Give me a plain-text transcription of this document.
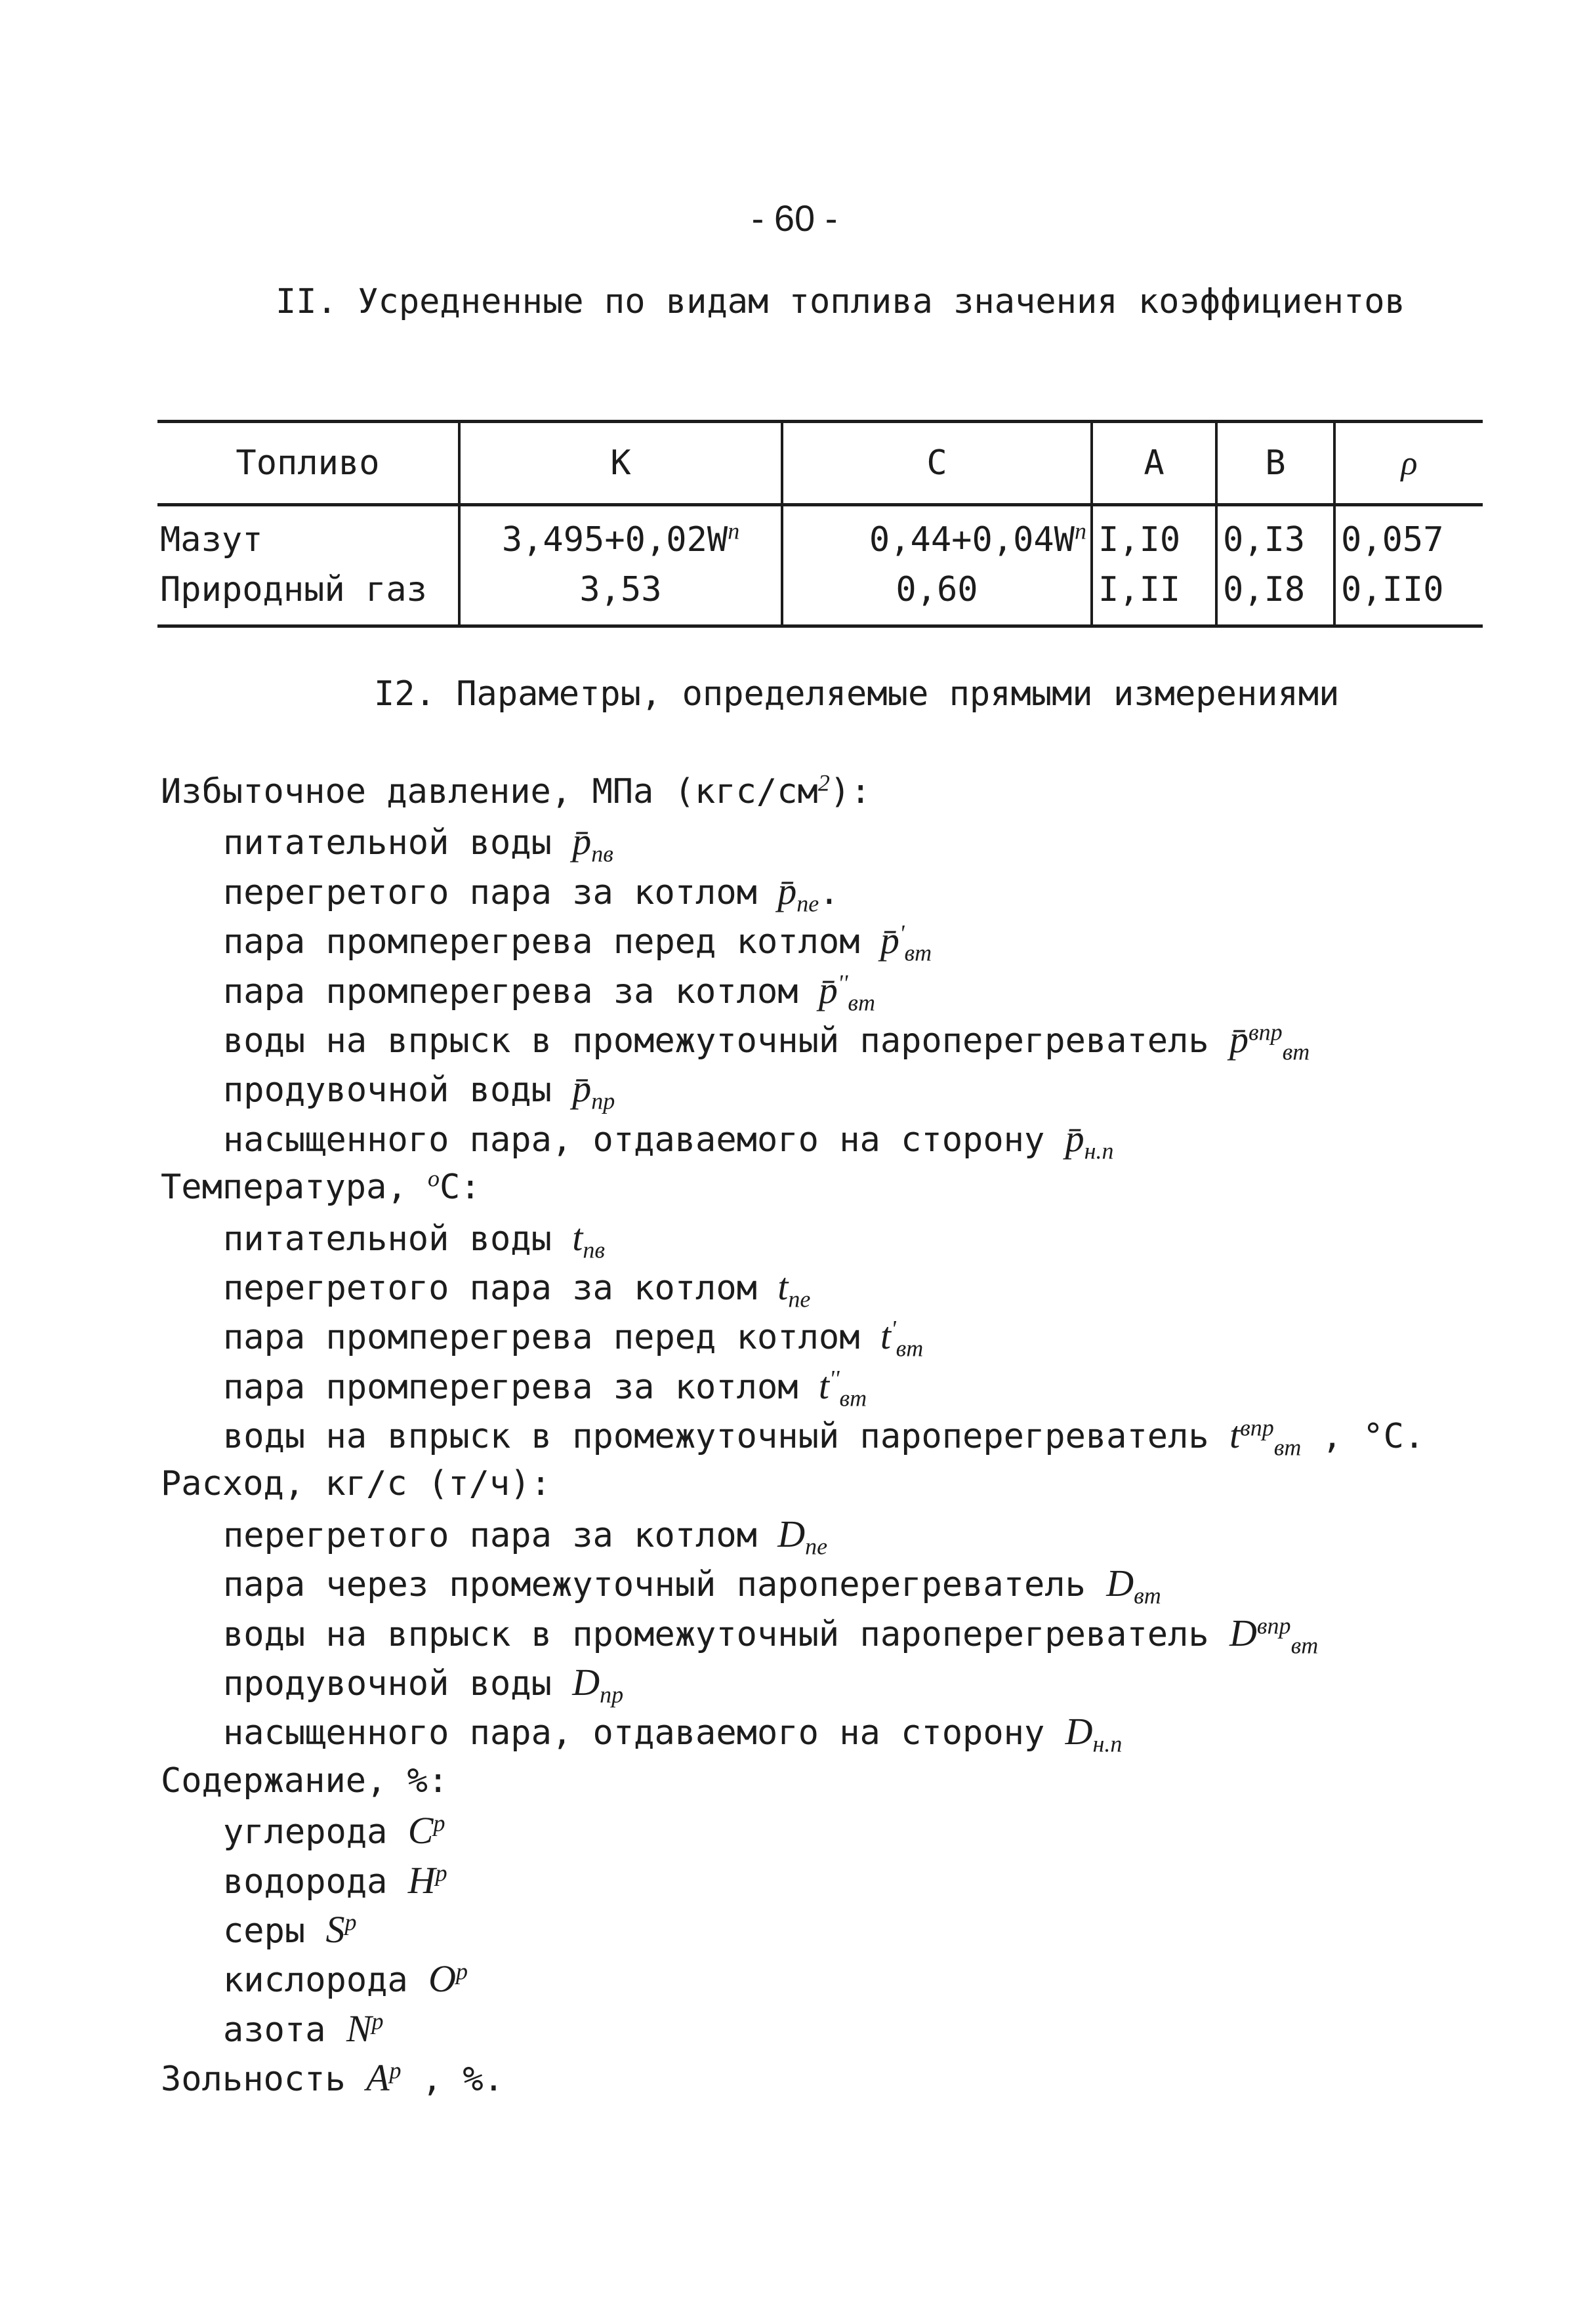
- 60 -
II. Усредненные по видам топлива значения коэффициентов
Топливо	К	С	А	В	ρ
Мазут	$3,495+0,02W^п$	$0,44+0,04W^п$	I,I0	0,I3	0,057
Природный газ	3,53	0,60	I,II	0,I8	0,II0
I2. Параметры, определяемые прямыми измерениями
Избыточное давление, МПа $(кгс/см^2)$:
питательной воды $p̄_{пв}$
перегретого пара за котлом $p̄_{пе}$.
пара промперегрева перед котлом $p̄'_{вт}$
пара промперегрева за котлом $p̄''_{вт}$
воды на впрыск в промежуточный пароперегреватель p̄$^{впр}_{вт}$
продувочной воды $p̄_{пр}$
насыщенного пара, отдаваемого на сторону $p̄_{н.п}$
Температура, $^о$С:
питательной воды $t_{пв}$
перегретого пара за котлом $t_{пе}$
пара промперегрева перед котлом $t'_{вт}$
пара промперегрева за котлом $t''_{вт}$
воды на впрыск в промежуточный пароперегреватель $t^{впр}_{вт}$ , °С.
Расход, кг/с (т/ч):
перегретого пара за котлом $D_{пе}$
пара через промежуточный пароперегреватель $D_{вт}$
воды на впрыск в промежуточный пароперегреватель $D^{впр}_{вт}$
продувочной воды $D_{пр}$
насыщенного пара, отдаваемого на сторону $D_{н.п}$
Содержание, %:
углерода $C^р$
водорода $H^р$
серы $S^р$
кислорода $O^р$
азота $N^р$
Зольность $A^р$ , %.
